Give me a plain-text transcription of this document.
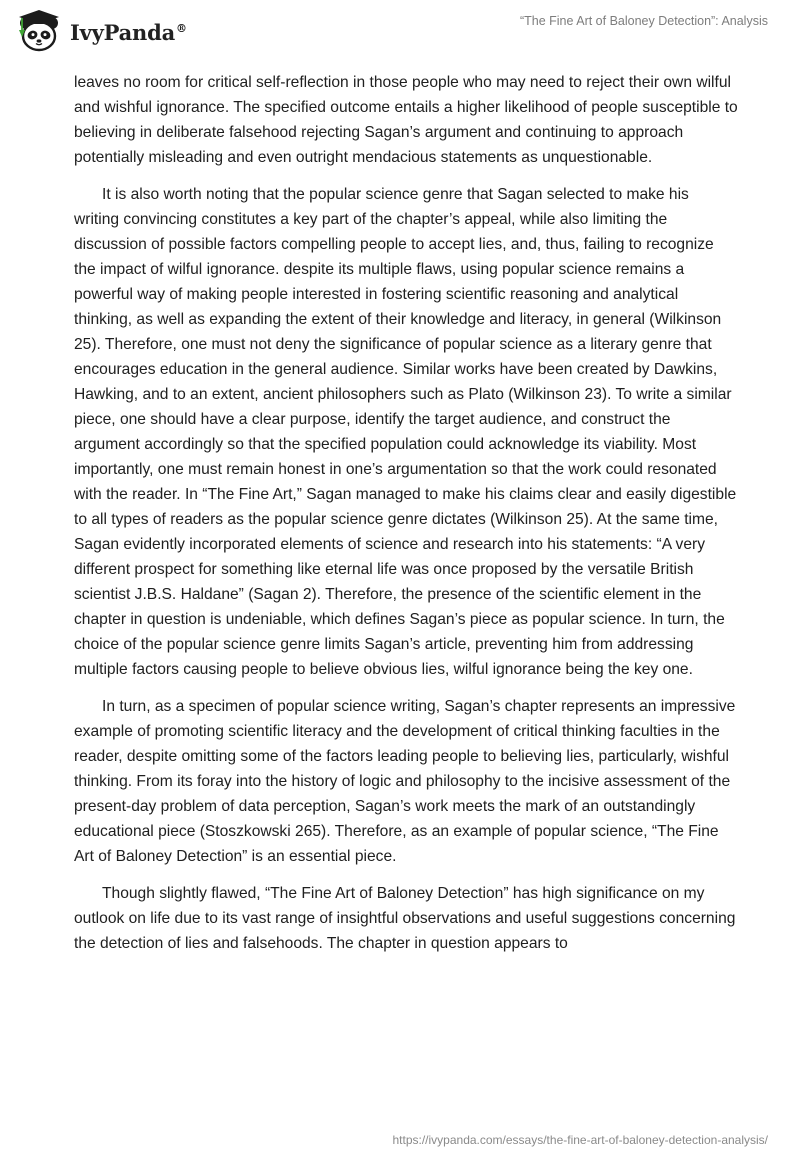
IvyPanda®	“The Fine Art of Baloney Detection”: Analysis

leaves no room for critical self-reflection in those people who may need to reject their own wilful and wishful ignorance. The specified outcome entails a higher likelihood of people susceptible to believing in deliberate falsehood rejecting Sagan’s argument and continuing to approach potentially misleading and even outright mendacious statements as unquestionable.

It is also worth noting that the popular science genre that Sagan selected to make his writing convincing constitutes a key part of the chapter’s appeal, while also limiting the discussion of possible factors compelling people to accept lies, and, thus, failing to recognize the impact of wilful ignorance. despite its multiple flaws, using popular science remains a powerful way of making people interested in fostering scientific reasoning and analytical thinking, as well as expanding the extent of their knowledge and literacy, in general (Wilkinson 25). Therefore, one must not deny the significance of popular science as a literary genre that encourages education in the general audience. Similar works have been created by Dawkins, Hawking, and to an extent, ancient philosophers such as Plato (Wilkinson 23). To write a similar piece, one should have a clear purpose, identify the target audience, and construct the argument accordingly so that the specified population could acknowledge its viability. Most importantly, one must remain honest in one’s argumentation so that the work could resonated with the reader. In “The Fine Art,” Sagan managed to make his claims clear and easily digestible to all types of readers as the popular science genre dictates (Wilkinson 25). At the same time, Sagan evidently incorporated elements of science and research into his statements: “A very different prospect for something like eternal life was once proposed by the versatile British scientist J.B.S. Haldane” (Sagan 2). Therefore, the presence of the scientific element in the chapter in question is undeniable, which defines Sagan’s piece as popular science. In turn, the choice of the popular science genre limits Sagan’s article, preventing him from addressing multiple factors causing people to believe obvious lies, wilful ignorance being the key one.

In turn, as a specimen of popular science writing, Sagan’s chapter represents an impressive example of promoting scientific literacy and the development of critical thinking faculties in the reader, despite omitting some of the factors leading people to believing lies, particularly, wishful thinking. From its foray into the history of logic and philosophy to the incisive assessment of the present-day problem of data perception, Sagan’s work meets the mark of an outstandingly educational piece (Stoszkowski 265). Therefore, as an example of popular science, “The Fine Art of Baloney Detection” is an essential piece.

Though slightly flawed, “The Fine Art of Baloney Detection” has high significance on my outlook on life due to its vast range of insightful observations and useful suggestions concerning the detection of lies and falsehoods. The chapter in question appears to

https://ivypanda.com/essays/the-fine-art-of-baloney-detection-analysis/
